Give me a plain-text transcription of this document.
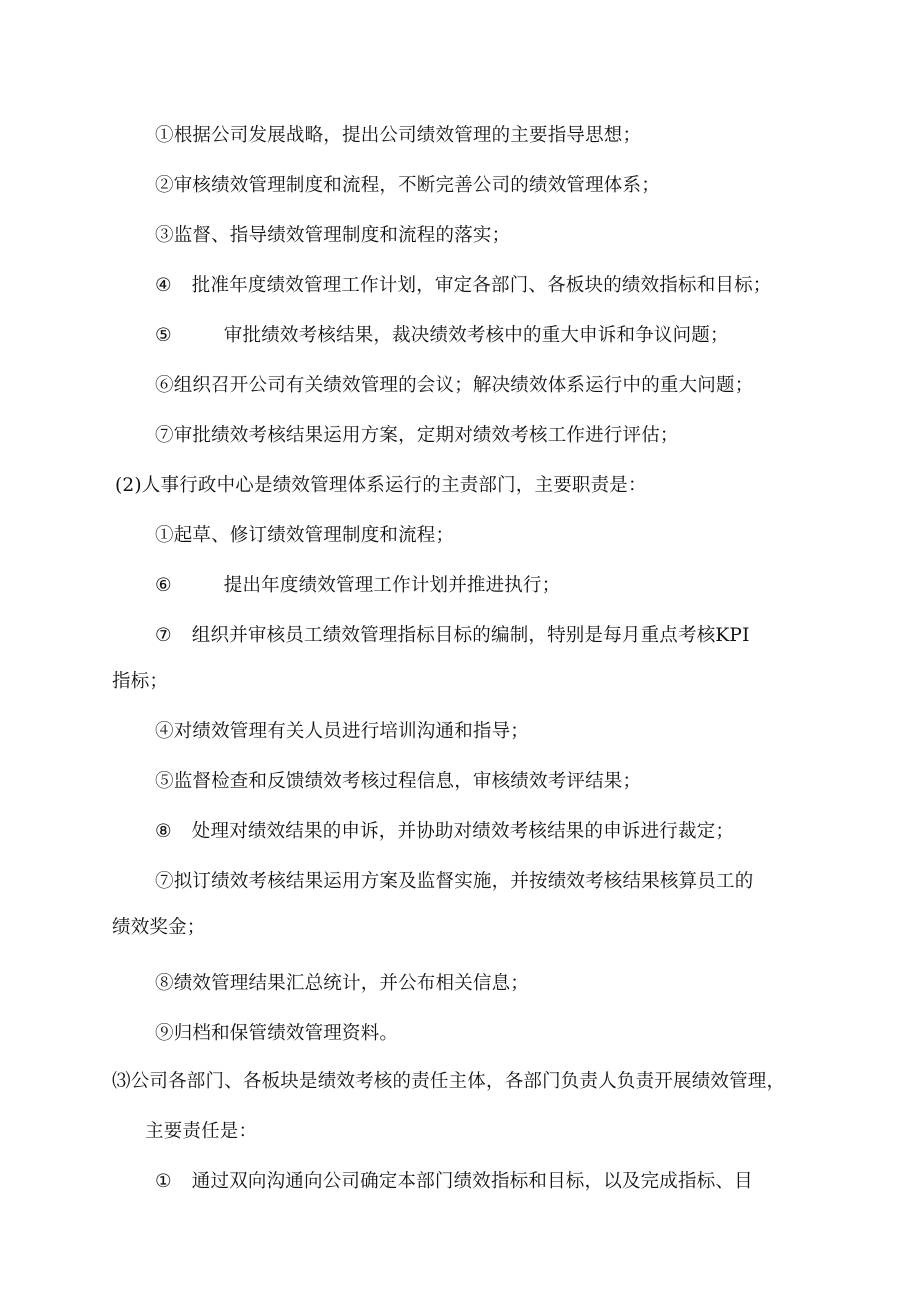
①根据公司发展战略，提出公司绩效管理的主要指导思想；
②审核绩效管理制度和流程，不断完善公司的绩效管理体系；
③监督、指导绩效管理制度和流程的落实；
④ 批准年度绩效管理工作计划，审定各部门、各板块的绩效指标和目标；
⑤	审批绩效考核结果，裁决绩效考核中的重大申诉和争议问题；
⑥组织召开公司有关绩效管理的会议；解决绩效体系运行中的重大问题；
⑦审批绩效考核结果运用方案，定期对绩效考核工作进行评估；
(2)人事行政中心是绩效管理体系运行的主责部门，主要职责是：
①起草、修订绩效管理制度和流程；
⑥	提出年度绩效管理工作计划并推进执行；
⑦ 组织并审核员工绩效管理指标目标的编制，特别是每月重点考核KPI
指标；
④对绩效管理有关人员进行培训沟通和指导；
⑤监督检查和反馈绩效考核过程信息，审核绩效考评结果；
⑧ 处理对绩效结果的申诉，并协助对绩效考核结果的申诉进行裁定；
⑦拟订绩效考核结果运用方案及监督实施，并按绩效考核结果核算员工的
绩效奖金；
⑧绩效管理结果汇总统计，并公布相关信息；
⑨归档和保管绩效管理资料。
⑶公司各部门、各板块是绩效考核的责任主体，各部门负责人负责开展绩效管理，
主要责任是：
① 通过双向沟通向公司确定本部门绩效指标和目标，以及完成指标、目
